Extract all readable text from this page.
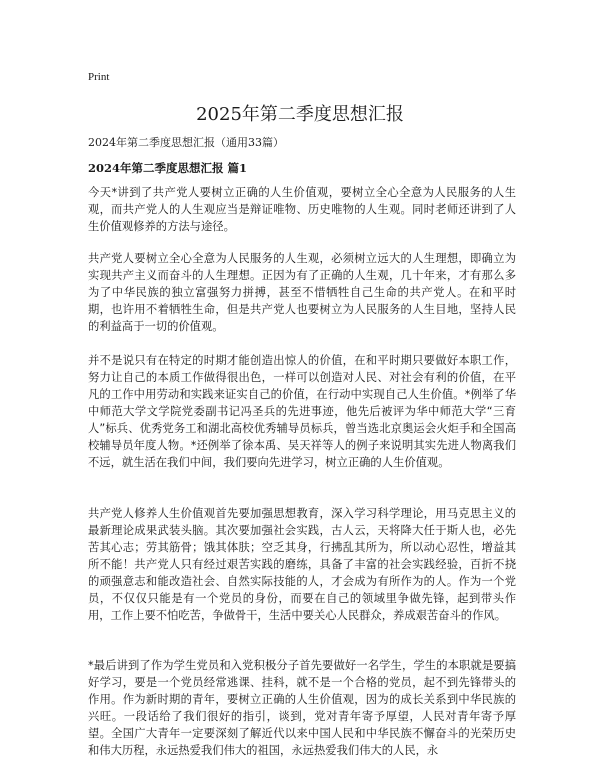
Print
2025年第二季度思想汇报

2024年第二季度思想汇报（通用33篇）

2024年第二季度思想汇报 篇1

今天*讲到了共产党人要树立正确的人生价值观，要树立全心全意为人民服务的人生观，而共产党人的人生观应当是辩证唯物、历史唯物的人生观。同时老师还讲到了人生价值观修养的方法与途径。

共产党人要树立全心全意为人民服务的人生观，必须树立远大的人生理想，即确立为实现共产主义而奋斗的人生理想。正因为有了正确的人生观，几十年来，才有那么多为了中华民族的独立富强努力拼搏，甚至不惜牺牲自己生命的共产党人。在和平时期，也许用不着牺牲生命，但是共产党人也要树立为人民服务的人生目地，坚持人民的利益高于一切的价值观。

并不是说只有在特定的时期才能创造出惊人的价值，在和平时期只要做好本职工作，努力让自己的本质工作做得很出色，一样可以创造对人民、对社会有利的价值，在平凡的工作中用劳动和实践来证实自己的价值，在行动中实现自己人生价值。*例举了华中师范大学文学院党委副书记冯圣兵的先进事迹，他先后被评为华中师范大学“三育人”标兵、优秀党务工和湖北高校优秀辅导员标兵，曾当选北京奥运会火炬手和全国高校辅导员年度人物。*还例举了徐本禹、吴天祥等人的例子来说明其实先进人物离我们不远，就生活在我们中间，我们要向先进学习，树立正确的人生价值观。

共产党人修养人生价值观首先要加强思想教育，深入学习科学理论，用马克思主义的最新理论成果武装头脑。其次要加强社会实践，古人云，天将降大任于斯人也，必先苦其心志；劳其筋骨；饿其体肤；空乏其身，行拂乱其所为，所以动心忍性，增益其所不能！共产党人只有经过艰苦实践的磨练，具备了丰富的社会实践经验，百折不挠的顽强意志和能改造社会、自然实际技能的人，才会成为有所作为的人。作为一个党员，不仅仅只能是有一个党员的身份，而要在自己的领域里争做先锋，起到带头作用，工作上要不怕吃苦，争做骨干，生活中要关心人民群众，养成艰苦奋斗的作风。

*最后讲到了作为学生党员和入党积极分子首先要做好一名学生，学生的本职就是要搞好学习，要是一个党员经常逃课、挂科，就不是一个合格的党员，起不到先锋带头的作用。作为新时期的青年，要树立正确的人生价值观，因为的成长关系到中华民族的兴旺。一段话给了我们很好的指引，谈到，党对青年寄予厚望，人民对青年寄予厚望。全国广大青年一定要深刻了解近代以来中国人民和中华民族不懈奋斗的光荣历史和伟大历程，永远热爱我们伟大的祖国，永远热爱我们伟大的人民，永
